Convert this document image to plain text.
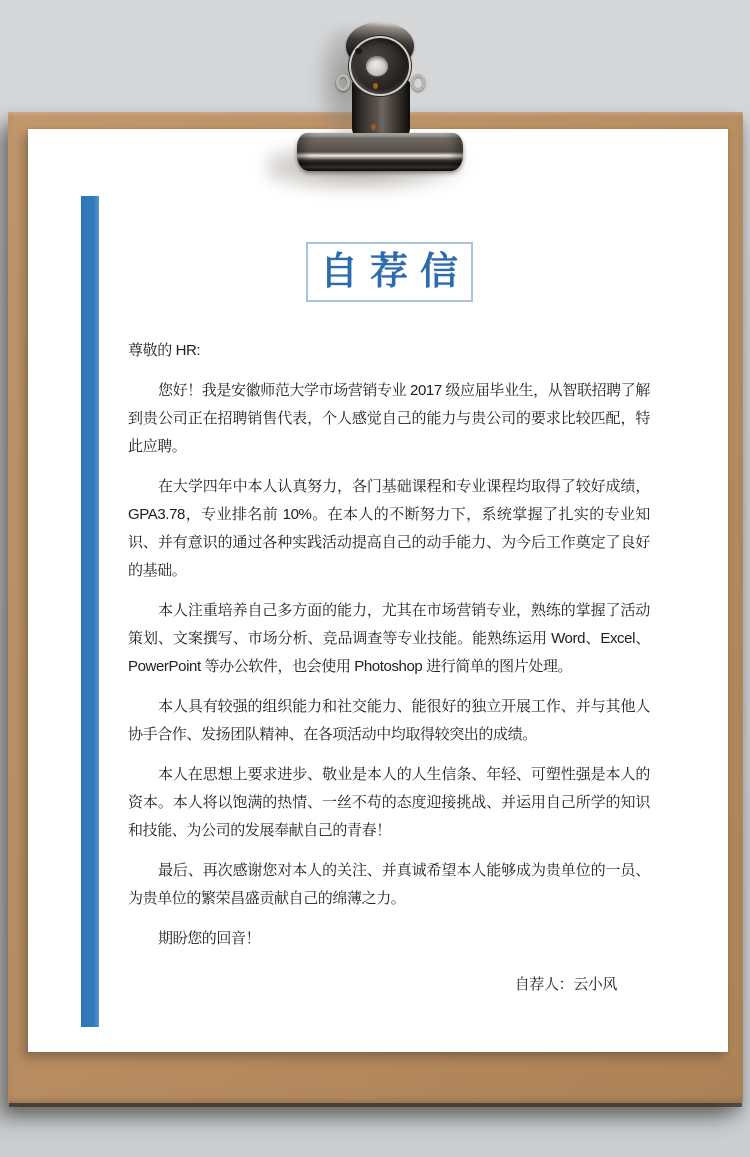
自荐信

尊敬的 HR:

您好！我是安徽师范大学市场营销专业 2017 级应届毕业生，从智联招聘了解到贵公司正在招聘销售代表，个人感觉自己的能力与贵公司的要求比较匹配，特此应聘。

在大学四年中本人认真努力，各门基础课程和专业课程均取得了较好成绩，GPA3.78，专业排名前 10%。在本人的不断努力下，系统掌握了扎实的专业知识、并有意识的通过各种实践活动提高自己的动手能力、为今后工作奠定了良好的基础。

本人注重培养自己多方面的能力，尤其在市场营销专业，熟练的掌握了活动策划、文案撰写、市场分析、竞品调查等专业技能。能熟练运用 Word、Excel、PowerPoint 等办公软件，也会使用 Photoshop 进行简单的图片处理。

本人具有较强的组织能力和社交能力、能很好的独立开展工作、并与其他人协手合作、发扬团队精神、在各项活动中均取得较突出的成绩。

本人在思想上要求进步、敬业是本人的人生信条、年轻、可塑性强是本人的资本。本人将以饱满的热情、一丝不苟的态度迎接挑战、并运用自己所学的知识和技能、为公司的发展奉献自己的青春！

最后、再次感谢您对本人的关注、并真诚希望本人能够成为贵单位的一员、为贵单位的繁荣昌盛贡献自己的绵薄之力。

期盼您的回音！

自荐人：云小风
